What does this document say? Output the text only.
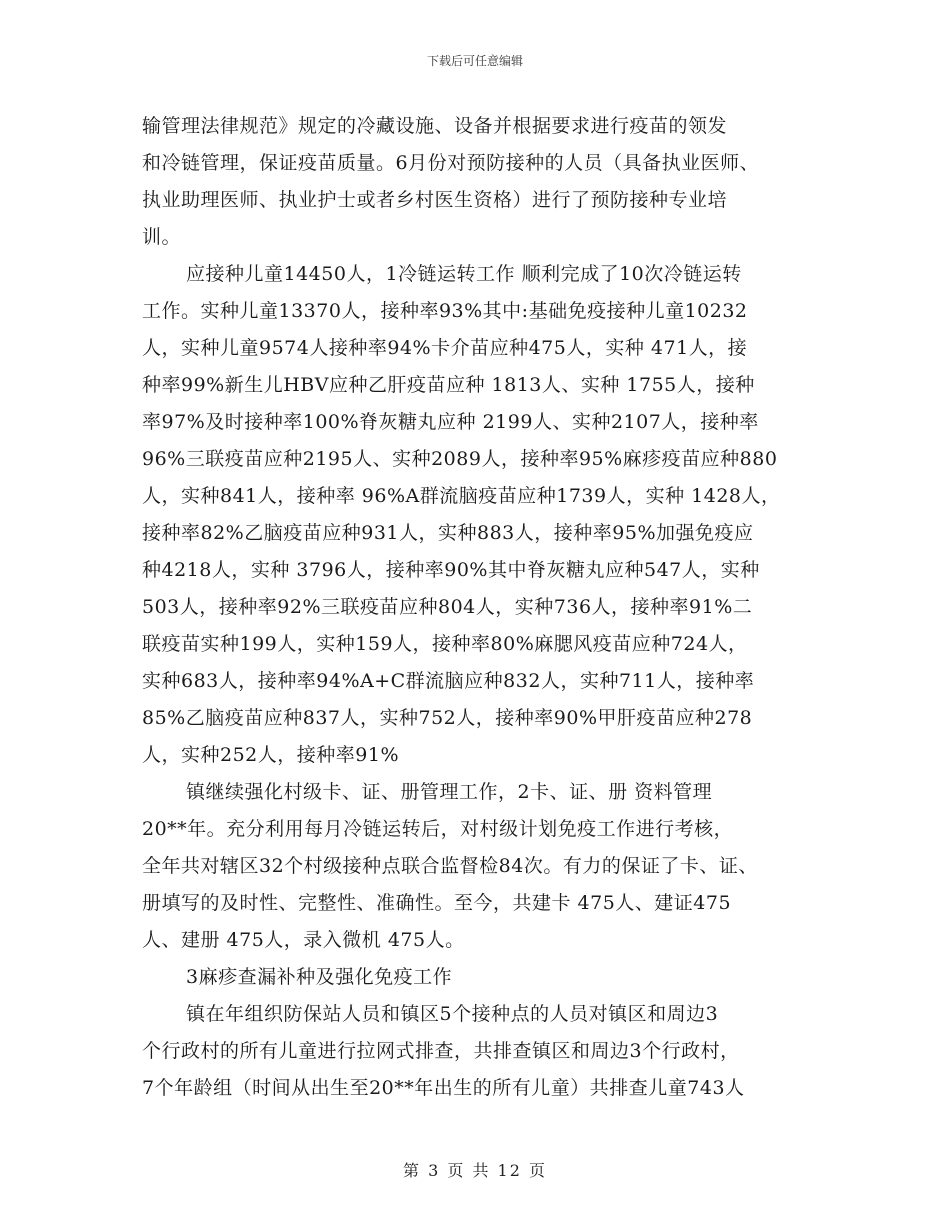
下载后可任意编辑
输管理法律规范》规定的冷藏设施、设备并根据要求进行疫苗的领发
和冷链管理，保证疫苗质量。6月份对预防接种的人员（具备执业医师、
执业助理医师、执业护士或者乡村医生资格）进行了预防接种专业培
训。
应接种儿童14450人，1冷链运转工作 顺利完成了10次冷链运转
工作。实种儿童13370人，接种率93%其中:基础免疫接种儿童10232
人，实种儿童9574人接种率94%卡介苗应种475人，实种 471人，接
种率99%新生儿HBV应种乙肝疫苗应种 1813人、实种 1755人，接种
率97%及时接种率100%脊灰糖丸应种 2199人、实种2107人，接种率
96%三联疫苗应种2195人、实种2089人，接种率95%麻疹疫苗应种880
人，实种841人，接种率 96%A群流脑疫苗应种1739人，实种 1428人，
接种率82%乙脑疫苗应种931人，实种883人，接种率95%加强免疫应
种4218人，实种 3796人，接种率90%其中脊灰糖丸应种547人，实种
503人，接种率92%三联疫苗应种804人，实种736人，接种率91%二
联疫苗实种199人，实种159人，接种率80%麻腮风疫苗应种724人，
实种683人，接种率94%A+C群流脑应种832人，实种711人，接种率
85%乙脑疫苗应种837人，实种752人，接种率90%甲肝疫苗应种278
人，实种252人，接种率91%
镇继续强化村级卡、证、册管理工作，2卡、证、册 资料管理
20**年。充分利用每月冷链运转后，对村级计划免疫工作进行考核，
全年共对辖区32个村级接种点联合监督检84次。有力的保证了卡、证、
册填写的及时性、完整性、准确性。至今，共建卡 475人、建证475
人、建册 475人，录入微机 475人。
3麻疹查漏补种及强化免疫工作
镇在年组织防保站人员和镇区5个接种点的人员对镇区和周边3
个行政村的所有儿童进行拉网式排查，共排查镇区和周边3个行政村，
7个年龄组（时间从出生至20**年出生的所有儿童）共排查儿童743人
第 3 页 共 12 页
